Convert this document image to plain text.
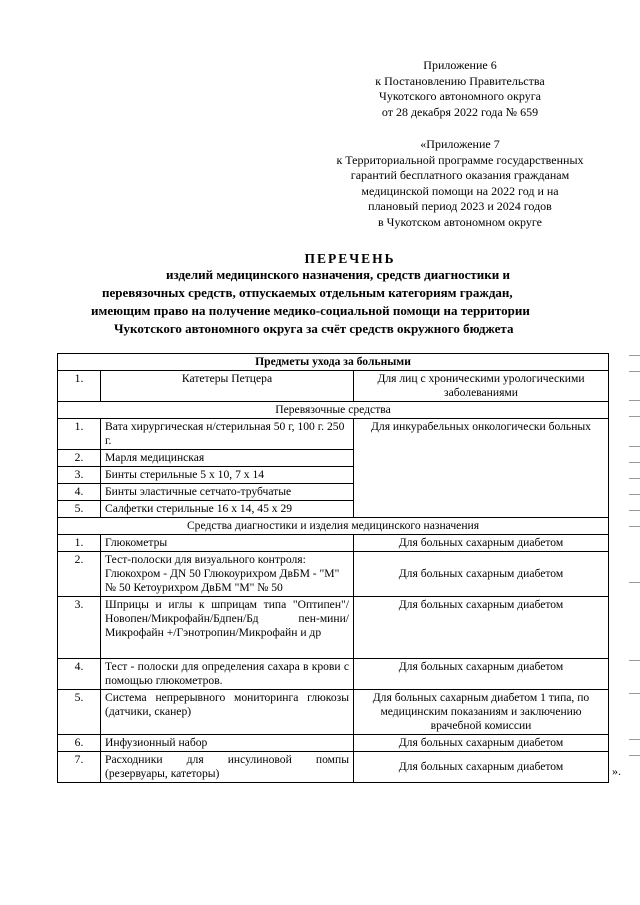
Приложение 6
к Постановлению Правительства
Чукотского автономного округа
от 28 декабря 2022 года № 659
«Приложение 7
к Территориальной программе государственных
гарантий бесплатного оказания гражданам
медицинской помощи на 2022 год и на
плановый период 2023 и 2024 годов
в Чукотском автономном округе
ПЕРЕЧЕНЬ
изделий медицинского назначения, средств диагностики и
перевязочных средств, отпускаемых отдельным категориям граждан,
имеющим право на получение медико-социальной помощи на территории
Чукотского автономного округа за счёт средств окружного бюджета
Предметы ухода за больными		
1.	Катетеры Петцера	Для лиц с хроническими урологическими заболеваниями
Перевязочные средства		
1.	Вата хирургическая н/стерильная 50 г, 100 г. 250 г.	Для инкурабельных онкологически больных
2.	Марля медицинская	
3.	Бинты стерильные 5 х 10, 7 х 14	
4.	Бинты эластичные сетчато-трубчатые	
5.	Салфетки стерильные 16 х 14, 45 х 29	
Средства диагностики и изделия медицинского назначения		
1.	Глюкометры	Для больных сахарным диабетом
2.	Тест-полоски для визуального контроля: Глюкохром - ДN 50 Глюкоурихром ДвБМ - "М" № 50 Кетоурихром ДвБМ "М" № 50	Для больных сахарным диабетом
3.	Шприцы и иглы к шприцам типа "Оптипен"/Новопен/Микрофайн/Бдпен/Бд пен-мини/Микрофайн +/Гэнотропин/Микрофайн и др	Для больных сахарным диабетом
4.	Тест - полоски для определения сахара в крови с помощью глюкометров.	Для больных сахарным диабетом
5.	Система непрерывного мониторинга глюкозы (датчики, сканер)	Для больных сахарным диабетом 1 типа, по медицинским показаниям и заключению врачебной комиссии
6.	Инфузионный набор	Для больных сахарным диабетом
7.	Расходники для инсулиновой помпы (резервуары, катеторы)	Для больных сахарным диабетом	».
